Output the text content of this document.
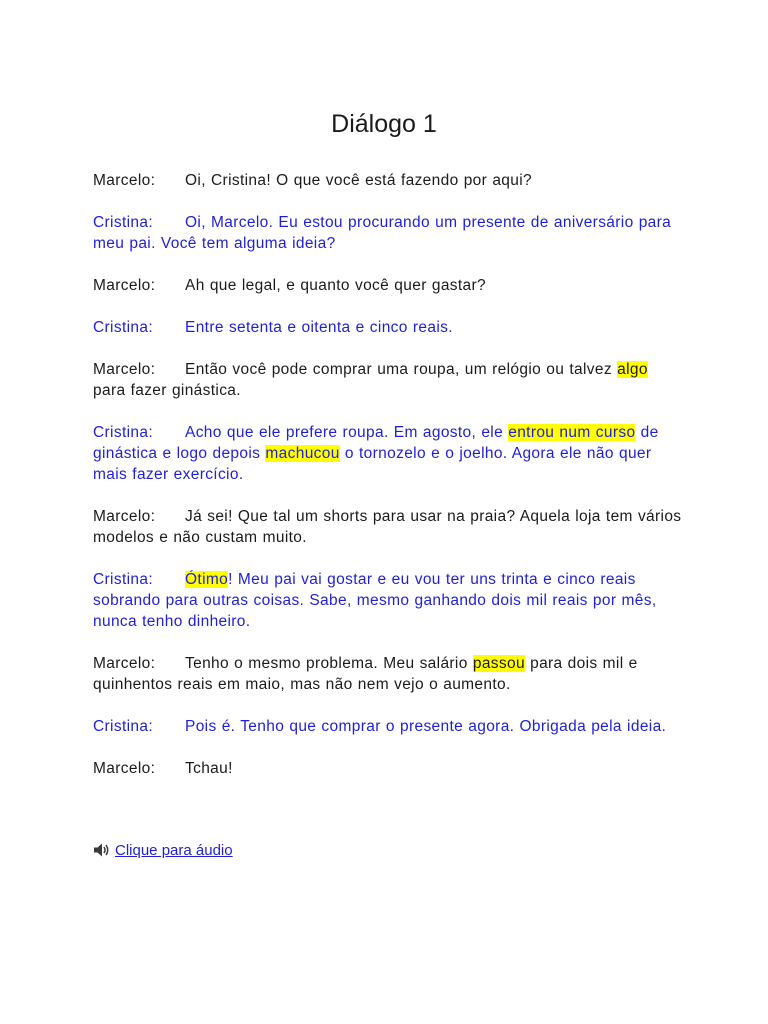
Diálogo 1

Marcelo: Oi, Cristina! O que você está fazendo por aqui?

Cristina: Oi, Marcelo. Eu estou procurando um presente de aniversário para meu pai. Você tem alguma ideia?

Marcelo: Ah que legal, e quanto você quer gastar?

Cristina: Entre setenta e oitenta e cinco reais.

Marcelo: Então você pode comprar uma roupa, um relógio ou talvez algo para fazer ginástica.

Cristina: Acho que ele prefere roupa. Em agosto, ele entrou num curso de ginástica e logo depois machucou o tornozelo e o joelho. Agora ele não quer mais fazer exercício.

Marcelo: Já sei! Que tal um shorts para usar na praia? Aquela loja tem vários modelos e não custam muito.

Cristina: Ótimo! Meu pai vai gostar e eu vou ter uns trinta e cinco reais sobrando para outras coisas. Sabe, mesmo ganhando dois mil reais por mês, nunca tenho dinheiro.

Marcelo: Tenho o mesmo problema. Meu salário passou para dois mil e quinhentos reais em maio, mas não nem vejo o aumento.

Cristina: Pois é. Tenho que comprar o presente agora. Obrigada pela ideia.

Marcelo: Tchau!

Clique para áudio
